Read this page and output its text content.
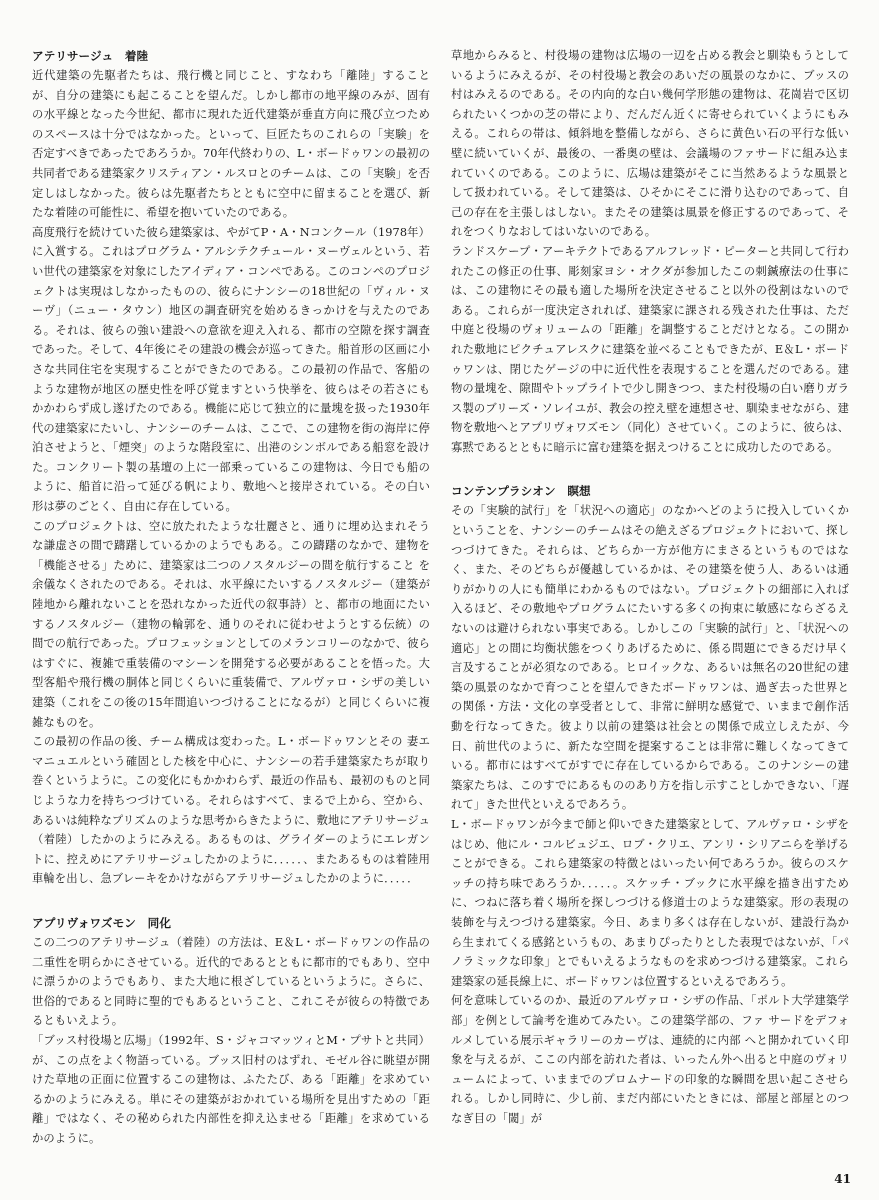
アテリサージュ　着陸

近代建築の先駆者たちは、飛行機と同じこと、すなわち「離陸」することが、自分の建築にも起こることを望んだ。しかし都市の地平線のみが、固有の水平線となった今世紀、都市に現れた近代建築が垂直方向に飛び立つためのスペースは十分ではなかった。といって、巨匠たちのこれらの「実験」を否定すべきであったであろうか。70年代終わりの、L・ボードゥワンの最初の共同者である建築家クリスティアン・ルスロとのチームは、この「実験」を否定しはしなかった。彼らは先駆者たちとともに空中に留まることを選び、新たな着陸の可能性に、希望を抱いていたのである。

高度飛行を続けていた彼ら建築家は、やがてP・A・Nコンクール（1978年）に入賞する。これはプログラム・アルシテクチュール・ヌーヴェルという、若い世代の建築家を対象にしたアイディア・コンペである。このコンペのプロジェクトは実現はしなかったものの、彼らにナンシーの18世紀の「ヴィル・ヌーヴ」（ニュー・タウン）地区の調査研究を始めるきっかけを与えたのである。それは、彼らの強い建設への意欲を迎え入れる、都市の空隙を探す調査であった。そして、4年後にその建設の機会が巡ってきた。船首形の区画に小さな共同住宅を実現することができたのである。この最初の作品で、客船のような建物が地区の歴史性を呼び覚ますという快挙を、彼らはその若さにもかかわらず成し遂げたのである。機能に応じて独立的に量塊を扱った1930年代の建築家にたいし、ナンシーのチームは、ここで、この建物を街の海岸に停泊させようと、「煙突」のような階段室に、出港のシンボルである船窓を設けた。コンクリート製の基壇の上に一部乗っているこの建物は、今日でも船のように、船首に沿って延びる帆により、敷地へと接岸されている。その白い形は夢のごとく、自由に存在している。

このプロジェクトは、空に放たれたような壮麗さと、通りに埋め込まれそうな謙虚さの間で躊躇しているかのようでもある。この躊躇のなかで、建物を「機能させる」ために、建築家は二つのノスタルジーの間を航行すること を余儀なくされたのである。それは、水平線にたいするノスタルジー（建築が陸地から離れないことを恐れなかった近代の叙事詩）と、都市の地面にたいするノスタルジー（建物の輪郭を、通りのそれに従わせようとする伝統）の間での航行であった。プロフェッションとしてのメランコリーのなかで、彼らはすぐに、複雑で重装備のマシーンを開発する必要があることを悟った。大型客船や飛行機の胴体と同じくらいに重装備で、アルヴァロ・シザの美しい建築（これをこの後の15年間追いつづけることになるが）と同じくらいに複雑なものを。

この最初の作品の後、チーム構成は変わった。L・ボードゥワンとその 妻エマニュエルという確固とした核を中心に、ナンシーの若手建築家たちが取り巻くというように。この変化にもかかわらず、最近の作品も、最初のものと同じような力を持ちつづけている。それらはすべて、まるで上から、空から、あるいは純粋なプリズムのような思考からきたように、敷地にアテリサージュ（着陸）したかのようにみえる。あるものは、グライダーのようにエレガントに、控えめにアテリサージュしたかのように．．．．．、またあるものは着陸用車輪を出し、急ブレーキをかけながらアテリサージュしたかのように．．．．．

アプリヴォワズモン　同化

この二つのアテリサージュ（着陸）の方法は、E＆L・ボードゥワンの作品の二重性を明らかにさせている。近代的であるとともに都市的でもあり、空中に漂うかのようでもあり、また大地に根ざしているというように。さらに、世俗的であると同時に聖的でもあるということ、これこそが彼らの特徴であるともいえよう。

「ブッス村役場と広場」（1992年、S・ジャコマッツィとM・プサトと共同）が、この点をよく物語っている。ブッス旧村のはずれ、モゼル谷に眺望が開けた草地の正面に位置するこの建物は、ふたたび、ある「距離」を求めているかのようにみえる。単にその建築がおかれている場所を見出すための「距離」ではなく、その秘められた内部性を抑え込ませる「距離」を求めているかのように。

草地からみると、村役場の建物は広場の一辺を占める教会と馴染もうとしているようにみえるが、その村役場と教会のあいだの風景のなかに、ブッスの村はみえるのである。その内向的な白い幾何学形態の建物は、花崗岩で区切られたいくつかの芝の帯により、だんだん近くに寄せられていくようにもみえる。これらの帯は、傾斜地を整備しながら、さらに黄色い石の平行な低い壁に続いていくが、最後の、一番奥の壁は、会議場のファサードに組み込まれていくのである。このように、広場は建築がそこに当然あるような風景として扱われている。そして建築は、ひそかにそこに滑り込むのであって、自己の存在を主張しはしない。またその建築は風景を修正するのであって、それをつくりなおしてはいないのである。

ランドスケープ・アーキテクトであるアルフレッド・ピーターと共同して行われたこの修正の仕事、彫刻家ヨシ・オクダが参加したこの刺鍼療法の仕事には、この建物にその最も適した場所を決定させること以外の役割はないのである。これらが一度決定されれば、建築家に課される残された仕事は、ただ中庭と役場のヴォリュームの「距離」を調整することだけとなる。この開かれた敷地にピクチュアレスクに建築を並べることもできたが、E＆L・ボードゥワンは、閉じたゲージの中に近代性を表現することを選んだのである。建物の量塊を、隙間やトップライトで少し開きつつ、また村役場の白い磨りガラス製のブリーズ・ソレイユが、教会の控え壁を連想させ、馴染ませながら、建物を敷地へとアプリヴォワズモン（同化）させていく。このように、彼らは、寡黙であるとともに暗示に富む建築を据えつけることに成功したのである。

コンテンプラシオン　瞑想

その「実験的試行」を「状況への適応」のなかへどのように投入していくかということを、ナンシーのチームはその絶えざるプロジェクトにおいて、探しつづけてきた。それらは、どちらか一方が他方にまさるというものではなく、また、そのどちらが優越しているかは、その建築を使う人、あるいは通りがかりの人にも簡単にわかるものではない。プロジェクトの細部に入れば入るほど、その敷地やプログラムにたいする多くの拘束に敏感にならざるえないのは避けられない事実である。しかしこの「実験的試行」と、「状況への適応」との間に均衡状態をつくりあげるために、係る問題にできるだけ早く言及することが必須なのである。ヒロイックな、あるいは無名の20世紀の建築の風景のなかで育つことを望んできたボードゥワンは、過ぎ去った世界との関係・方法・文化の享受者として、非常に鮮明な感覚で、いままで創作活動を行なってきた。彼より以前の建築は社会との関係で成立しえたが、今日、前世代のように、新たな空間を提案することは非常に難しくなってきている。都市にはすべてがすでに存在しているからである。このナンシーの建築家たちは、このすでにあるもののあり方を指し示すことしかできない、「遅れて」きた世代といえるであろう。

L・ボードゥワンが今まで師と仰いできた建築家として、アルヴァロ・シザをはじめ、他にル・コルビュジエ、ロブ・クリエ、アンリ・シリアニらを挙げることができる。これら建築家の特徴とはいったい何であろうか。彼らのスケッチの持ち味であろうか．．．．．。スケッチ・ブックに水平線を描き出すために、つねに落ち着く場所を探しつづける修道士のような建築家。形の表現の装飾を与えつづける建築家。今日、あまり多くは存在しないが、建設行為から生まれてくる感銘というもの、あまりぴったりとした表現ではないが、「パノラミックな印象」とでもいえるようなものを求めつづける建築家。これら建築家の延長線上に、ボードゥワンは位置するといえるであろう。

何を意味しているのか、最近のアルヴァロ・シザの作品、「ポルト大学建築学部」を例として論考を進めてみたい。この建築学部の、ファ サードをデフォルメしている展示ギャラリーのカーヴは、連続的に内部 へと開かれていく印象を与えるが、ここの内部を訪れた者は、いったん外へ出ると中庭のヴォリュームによって、いままでのプロムナードの印象的な瞬間を思い起こさせられる。しかし同時に、少し前、まだ内部にいたときには、部屋と部屋とのつなぎ目の「閾」が

41
